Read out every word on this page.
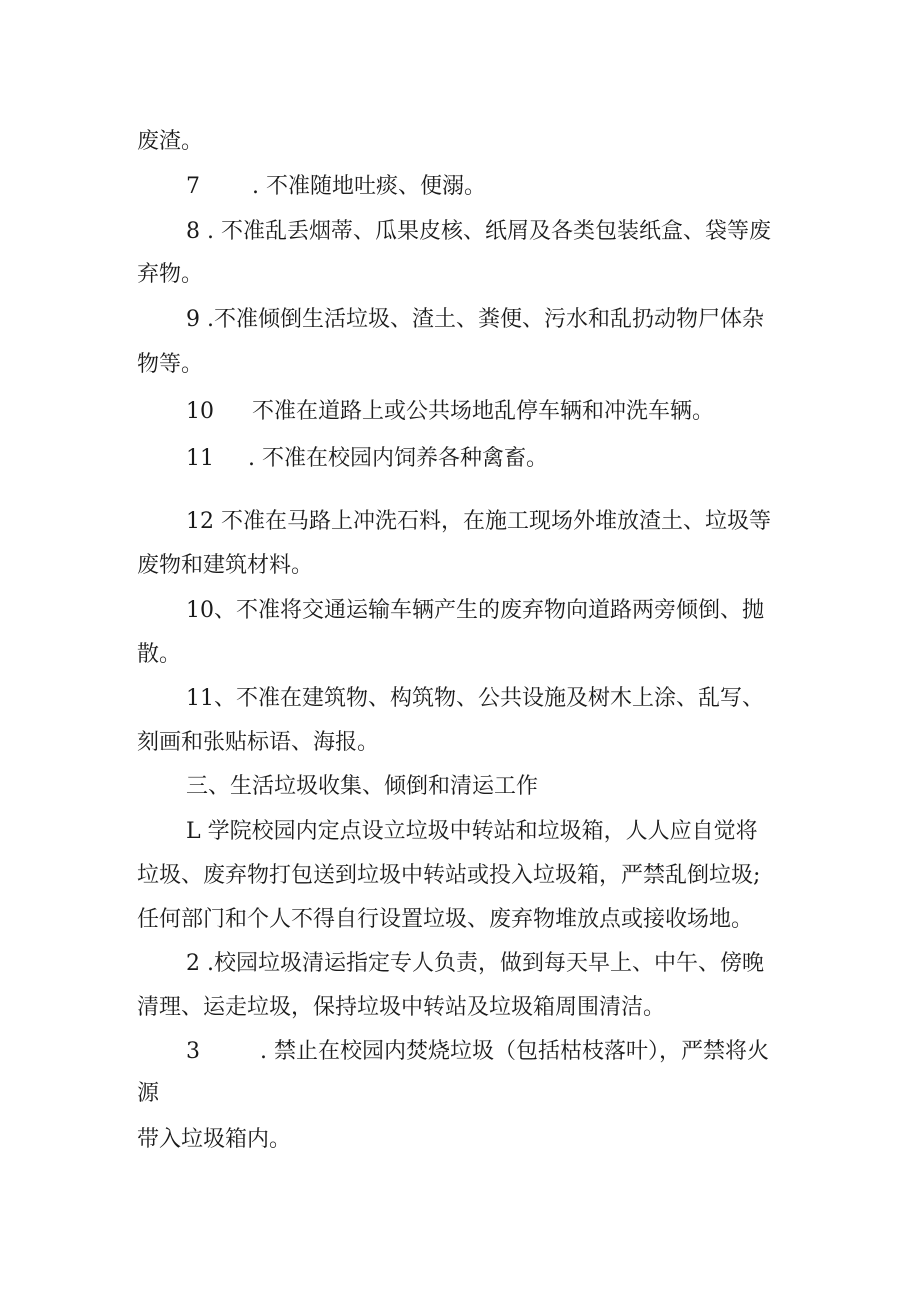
废渣。
7 . 不准随地吐痰、便溺。
8 . 不准乱丢烟蒂、瓜果皮核、纸屑及各类包装纸盒、袋等废
弃物。
9 .不准倾倒生活垃圾、渣土、粪便、污水和乱扔动物尸体杂
物等。
10 不准在道路上或公共场地乱停车辆和冲洗车辆。
11 . 不准在校园内饲养各种禽畜。
12 不准在马路上冲洗石料，在施工现场外堆放渣土、垃圾等
废物和建筑材料。
10、不准将交通运输车辆产生的废弃物向道路两旁倾倒、抛
散。
11、不准在建筑物、构筑物、公共设施及树木上涂、乱写、
刻画和张贴标语、海报。
三、生活垃圾收集、倾倒和清运工作
L 学院校园内定点设立垃圾中转站和垃圾箱，人人应自觉将
垃圾、废弃物打包送到垃圾中转站或投入垃圾箱，严禁乱倒垃圾;
任何部门和个人不得自行设置垃圾、废弃物堆放点或接收场地。
2 .校园垃圾清运指定专人负责，做到每天早上、中午、傍晚
清理、运走垃圾，保持垃圾中转站及垃圾箱周围清洁。
3	. 禁止在校园内焚烧垃圾（包括枯枝落叶），严禁将火
源
带入垃圾箱内。
